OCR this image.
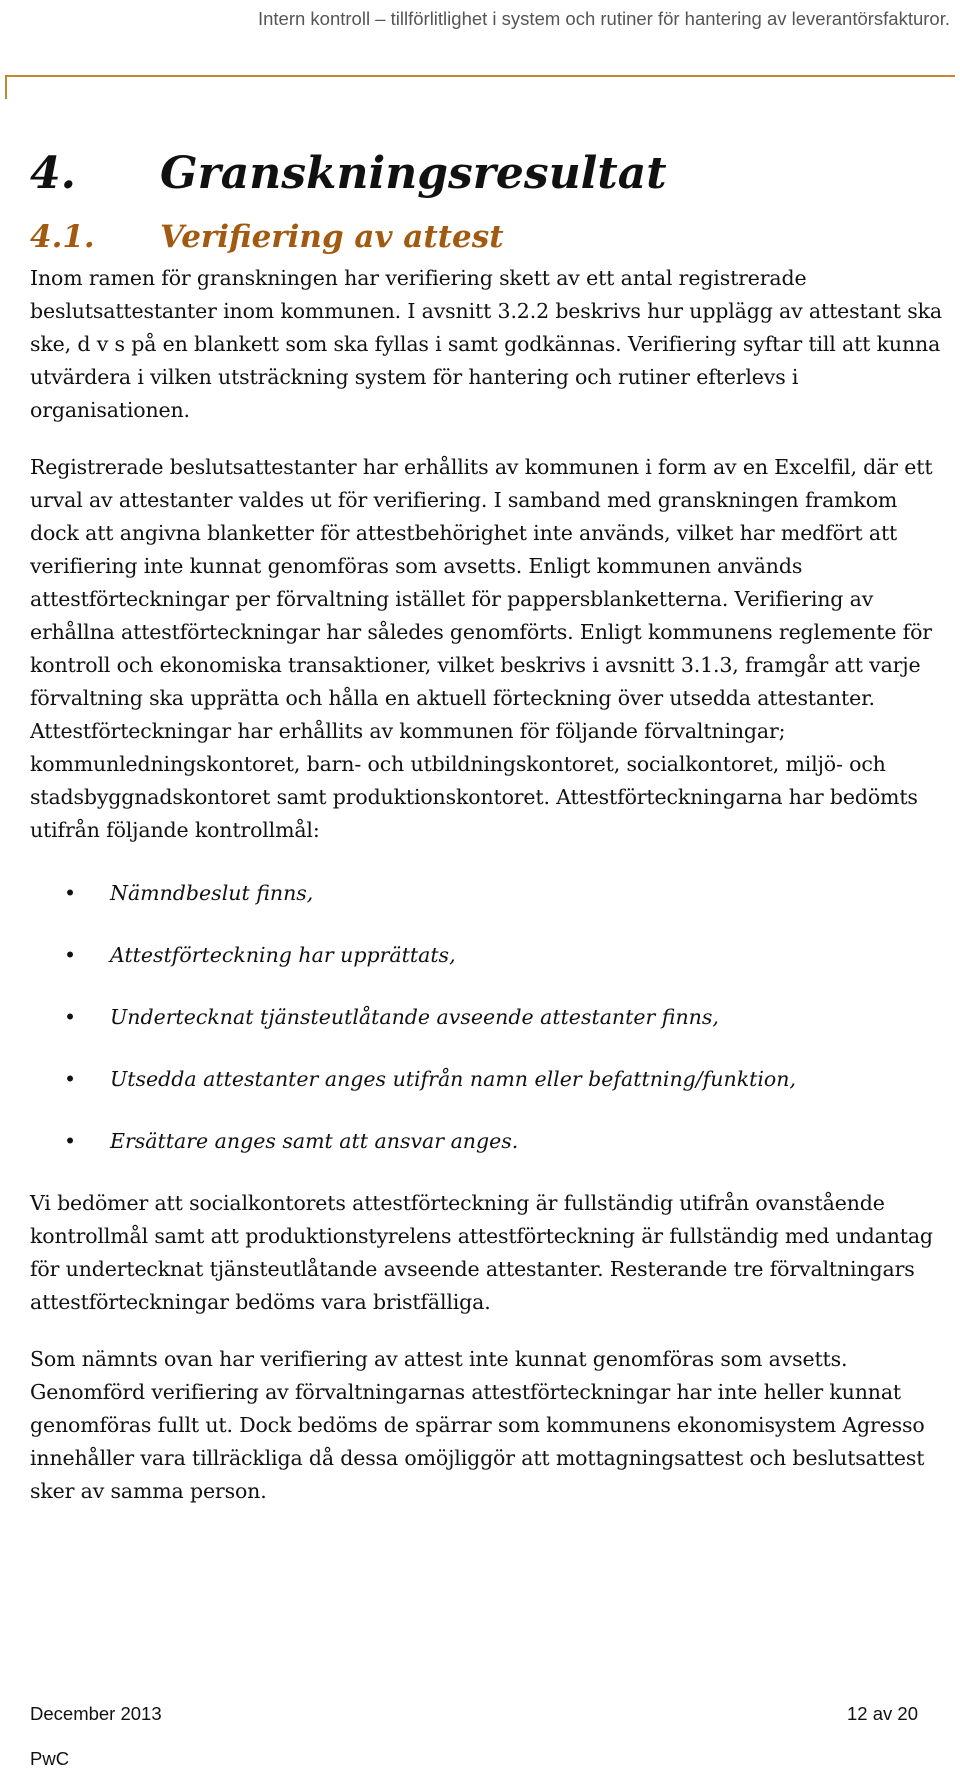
Intern kontroll – tillförlitlighet i system och rutiner för hantering av leverantörsfakturor.
4.	Granskningsresultat
4.1.	Verifiering av attest

Inom ramen för granskningen har verifiering skett av ett antal registrerade beslutsattestanter inom kommunen. I avsnitt 3.2.2 beskrivs hur upplägg av attestant ska ske, d v s på en blankett som ska fyllas i samt godkännas. Verifiering syftar till att kunna utvärdera i vilken utsträckning system för hantering och rutiner efterlevs i organisationen.

Registrerade beslutsattestanter har erhållits av kommunen i form av en Excelfil, där ett urval av attestanter valdes ut för verifiering. I samband med granskningen framkom dock att angivna blanketter för attestbehörighet inte används, vilket har medfört att verifiering inte kunnat genomföras som avsetts. Enligt kommunen används attestförteckningar per förvaltning istället för pappersblanketterna. Verifiering av erhållna attestförteckningar har således genomförts. Enligt kommunens reglemente för kontroll och ekonomiska transaktioner, vilket beskrivs i avsnitt 3.1.3, framgår att varje förvaltning ska upprätta och hålla en aktuell förteckning över utsedda attestanter. Attestförteckningar har erhållits av kommunen för följande förvaltningar; kommunledningskontoret, barn- och utbildningskontoret, socialkontoret, miljö- och stadsbyggnadskontoret samt produktionskontoret. Attestförteckningarna har bedömts utifrån följande kontrollmål:

•	Nämndbeslut finns,
•	Attestförteckning har upprättats,
•	Undertecknat tjänsteutlåtande avseende attestanter finns,
•	Utsedda attestanter anges utifrån namn eller befattning/funktion,
•	Ersättare anges samt att ansvar anges.

Vi bedömer att socialkontorets attestförteckning är fullständig utifrån ovanstående kontrollmål samt att produktionstyrelens attestförteckning är fullständig med undantag för undertecknat tjänsteutlåtande avseende attestanter. Resterande tre förvaltningars attestförteckningar bedöms vara bristfälliga.

Som nämnts ovan har verifiering av attest inte kunnat genomföras som avsetts. Genomförd verifiering av förvaltningarnas attestförteckningar har inte heller kunnat genomföras fullt ut. Dock bedöms de spärrar som kommunens ekonomisystem Agresso innehåller vara tillräckliga då dessa omöjliggör att mottagningsattest och beslutsattest sker av samma person.

December 2013	12 av 20
PwC
